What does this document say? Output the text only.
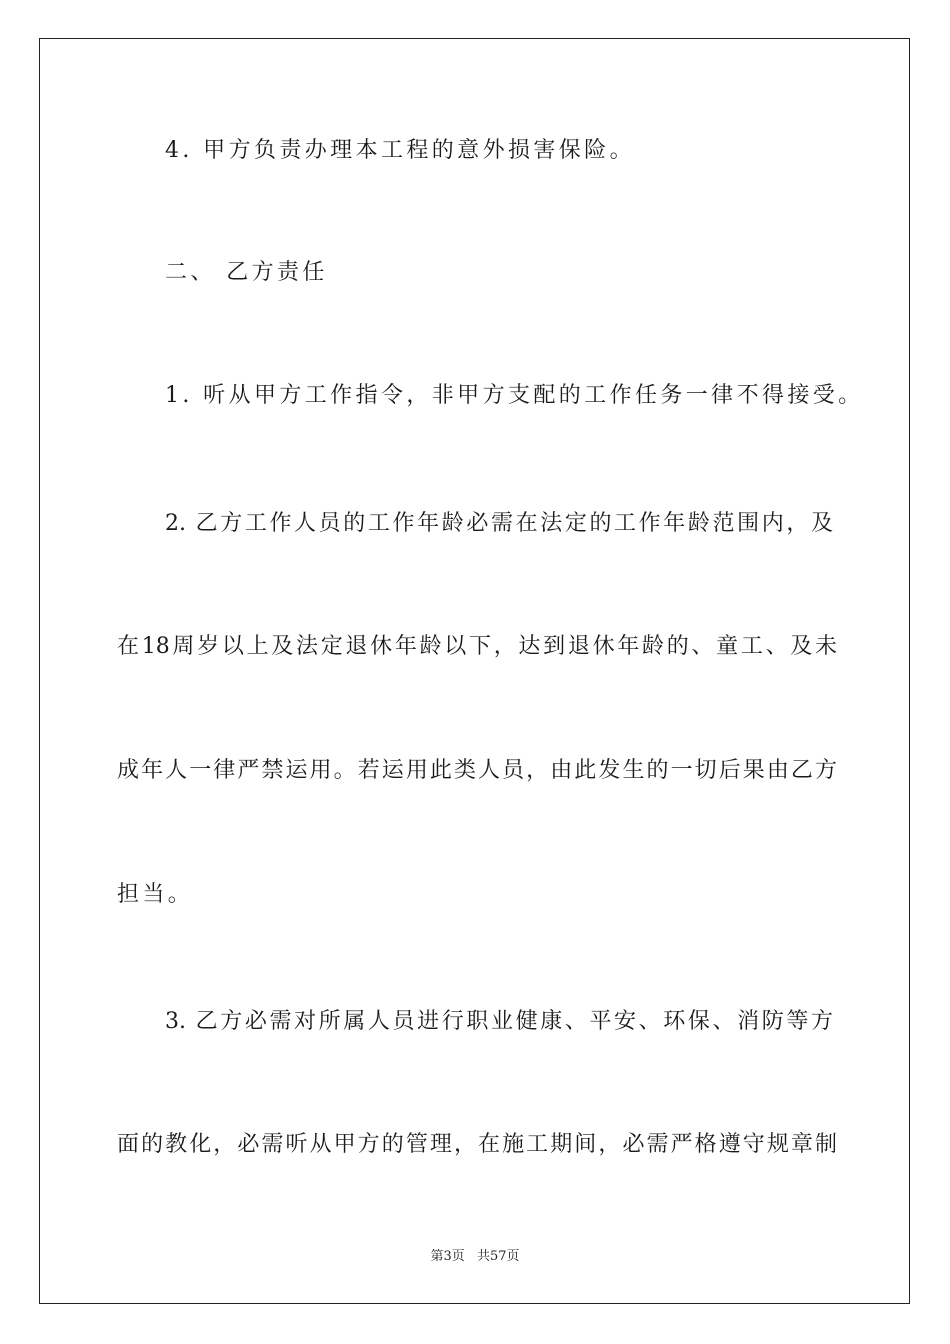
4. 甲方负责办理本工程的意外损害保险。
二、 乙方责任
1. 听从甲方工作指令，非甲方支配的工作任务一律不得接受。
2. 乙方工作人员的工作年龄必需在法定的工作年龄范围内，及
在18周岁以上及法定退休年龄以下，达到退休年龄的、童工、及未
成年人一律严禁运用。若运用此类人员，由此发生的一切后果由乙方
担当。
3. 乙方必需对所属人员进行职业健康、平安、环保、消防等方
面的教化，必需听从甲方的管理，在施工期间，必需严格遵守规章制
第3页 共57页
